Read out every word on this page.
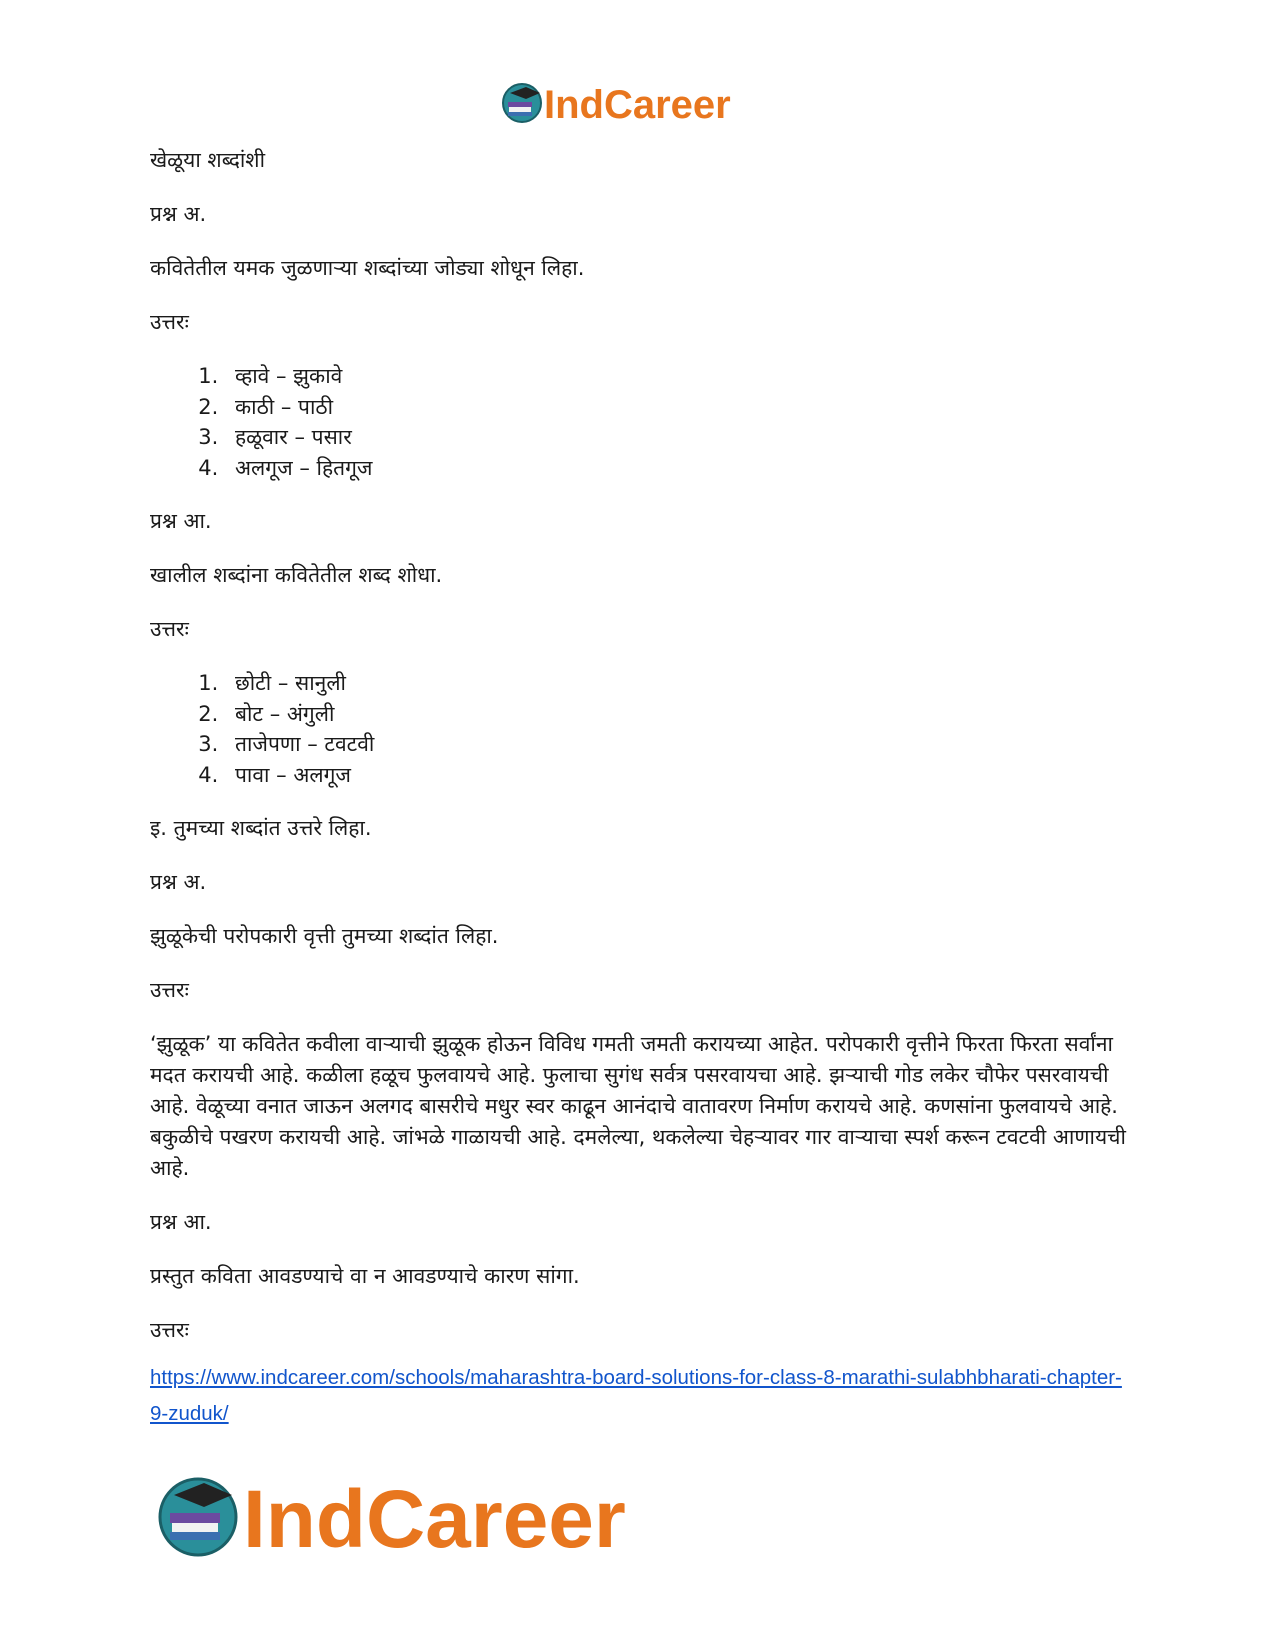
IndCareer

खेळूया शब्दांशी

प्रश्न अ.

कवितेतील यमक जुळणाऱ्या शब्दांच्या जोड्या शोधून लिहा.

उत्तरः

1. व्हावे – झुकावे
2. काठी – पाठी
3. हळूवार – पसार
4. अलगूज – हितगूज

प्रश्न आ.

खालील शब्दांना कवितेतील शब्द शोधा.

उत्तरः

1. छोटी – सानुली
2. बोट – अंगुली
3. ताजेपणा – टवटवी
4. पावा – अलगूज

इ. तुमच्या शब्दांत उत्तरे लिहा.

प्रश्न अ.

झुळूकेची परोपकारी वृत्ती तुमच्या शब्दांत लिहा.

उत्तरः

‘झुळूक’ या कवितेत कवीला वाऱ्याची झुळूक होऊन विविध गमती जमती करायच्या आहेत. परोपकारी वृत्तीने फिरता फिरता सर्वांना मदत करायची आहे. कळीला हळूच फुलवायचे आहे. फुलाचा सुगंध सर्वत्र पसरवायचा आहे. झऱ्याची गोड लकेर चौफेर पसरवायची आहे. वेळूच्या वनात जाऊन अलगद बासरीचे मधुर स्वर काढून आनंदाचे वातावरण निर्माण करायचे आहे. कणसांना फुलवायचे आहे. बकुळीचे पखरण करायची आहे. जांभळे गाळायची आहे. दमलेल्या, थकलेल्या चेहऱ्यावर गार वाऱ्याचा स्पर्श करून टवटवी आणायची आहे.

प्रश्न आ.

प्रस्तुत कविता आवडण्याचे वा न आवडण्याचे कारण सांगा.

उत्तरः

https://www.indcareer.com/schools/maharashtra-board-solutions-for-class-8-marathi-sulabhbharati-chapter-9-zuduk/
IndCareer
